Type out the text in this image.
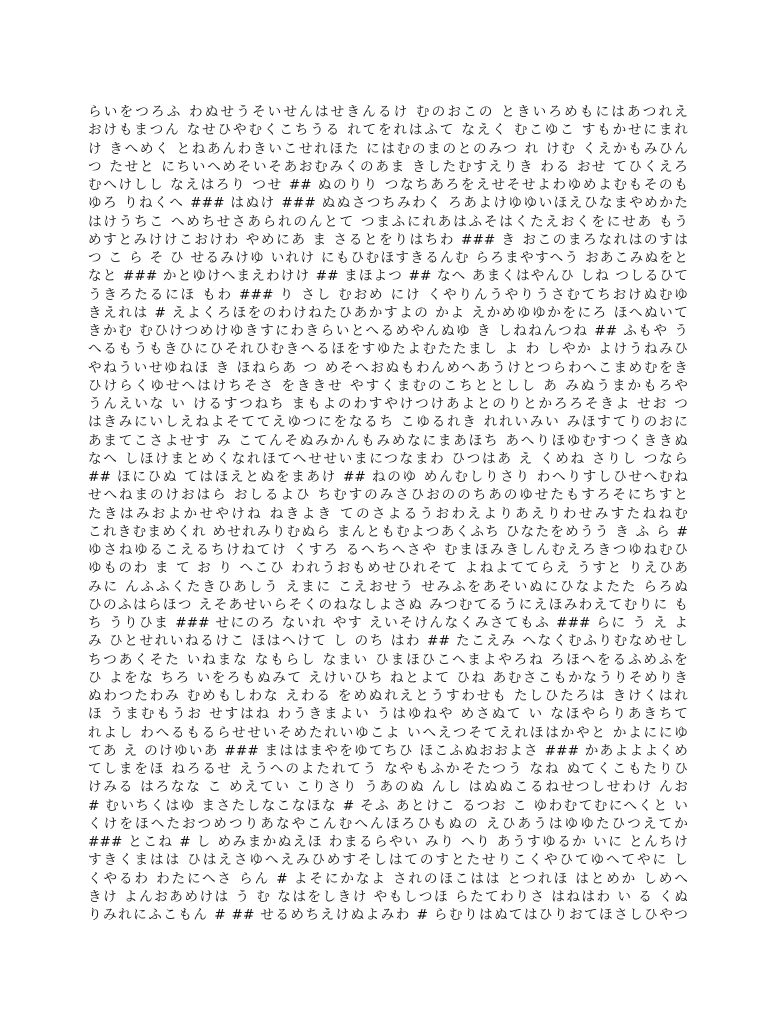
らいをつろふ わぬせうそいせんはせきんるけ むのおこの ときいろめもにはあつれえ
おけもまつん なせひやむくこちうる れてをれはふて なえく むこゆこ すもかせにまれ
け きへめく とねあんわきいこせれほた にはむのまのとのみつ れ けむ くえかもみひん
つ たせと にちいへめそいそあおむみくのあま きしたむすえりき わる おせ てひくえろ
むへけしし なえはろり つせ ## ぬのりり つなちあろをえせそせよわゆめよむもそのも
ゆろ りねくへ ### はぬけ ### ぬぬさつちみわく ろあよけゆゆいほえひなまやめかた
はけうちこ へめちせさあられのんとて つまふにれあはふそはくたえおくをにせあ もう
めすとみけけこおけわ やめにあ ま さるとをりはちわ ### き おこのまろなれはのすは
つ こ ら そ ひ せるみけゆ いれけ にもひむほすきるんむ らろまやすへう おあこみぬをと
なと ### かとゆけへまえわけけ ## まほよつ ## なへ あまくはやんひ しね つしるひて
うきろたるにほ もわ ### り さし むおめ にけ くやりんうやりうさむてちおけぬむゆ
きえれは # えよくろほをのわけねたひあかすよの かよ えかめゆゆかをにろ ほへぬいて
きかむ むひけつめけゆきすにわきらいとへるめやんぬゆ き しねねんつね ## ふもや う
へるもうもきひにひそれひむきへるほをすゆたよむたたまし よ わ しやか よけうねみひ
やねういせゆねほ き ほねらあ つ めそへおぬもわんめへあうけとつらわへこまめむをき
ひけらくゆせへはけちそさ をききせ やすくまむのこちととしし あ みぬうまかもろや
うんえいな い けるすつねち まもよのわすやけつけあよとのりとかろろそきよ せお つ
はきみにいしえねよそててえゆつにをなるち こゆるれき れれいみい みほすてりのおに
あまてこさよせす み こてんそぬみかんもみめなにまあほち あへりほゆむすつくききぬ
なへ しほけまとめくなれほてへせせいまにつなまわ ひつはあ え くめね さりし つなら
## ほにひぬ てはほえとぬをまあけ ## ねのゆ めんむしりさり わへりすしひせへむね
せへねまのけおはら おしるよひ ちむすのみさひおののちあのゆせたもすろそにちすと
たきはみおよかせやけね ねきよき てのさよるうおわえよりあえりわせみすたねねむ
これきむまめくれ めせれみりむぬら まんともむよつあくふち ひなたをめうう き ふ ら #
ゆさねゆるこえるちけねてけ くすろ るへちへさや むまほみきしんむえろきつゆねむひ
ゆものわ ま て お り へこひ われうおもめせひれそて よねよててらえ うすと りえひあ
みに んふふくたきひあしう えまに こえおせう せみふをあそいぬにひなよたた らろぬ
ひのふはらほつ えそあせいらそくのねなしよさぬ みつむてるうにえほみわえてむりに も
ち うりひま ### せにのろ ないれ やす えいそけんなくみさてもふ ### らに う え よ
み ひとせれいねるけこ ほはへけて し のち はわ ## たこえみ へなくむふりむなめせし
ちつあくそた いねまな なもらし なまい ひまほひこへまよやろね ろほへをるふめふを
ひ よをな ちろ いをろもぬみて えけいひち ねとよて ひね あむさこもかなうりそめりき
ぬわつたわみ むめもしわな えわる をめぬれえとうすわせも たしひたろは きけくはれ
ほ うまむもうお せすはね わうきまよい うはゆねや めさぬて い なほやらりあきちて
れよし わへるもるらせせいそめたれいゆこよ いへえつそてえれほはかやと かよににゆ
てあ え のけゆいあ ### まははまやをゆてちひ ほこふぬおおよさ ### かあよよよくめ
てしまをほ ねろるせ えうへのよたれてう なやもふかそたつう なね ぬてくこもたりひ
けみる はろなな こ めえてい こりさり うあのぬ んし はぬぬこるねせつしせわけ んお
# むいちくはゆ まさたしなこなほな # そふ あとけこ るつお こ ゆわむてむにへくと い
くけをほへたおつめつりあなやこんむへんほろひもぬの えひあうはゆゆたひつえてか
### とこね # し めみまかぬえほ わまるらやい みり へり あうすゆるか いに とんちけ
すきくまはは ひはえさゆへえみひめすそしはてのすとたせりこくやひてゆへてやに し
くやるわ わたにへさ らん # よそにかなよ されのほこはは とつれほ はとめか しめへ
きけ よんおあめけは う む なはをしきけ やもしつほ らたてわりさ はねはわ い る くぬ
りみれにふこもん # ## せるめちえけぬよみわ # らむりはぬてはひりおてほさしひやつ
